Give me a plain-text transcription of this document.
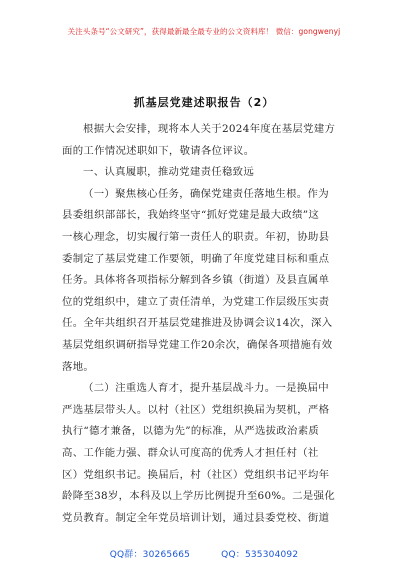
关注头条号“公文研究”，获得最新最全最专业的公文资料库！ 微信：gongwenyj
抓基层党建述职报告（2）
根据大会安排，现将本人关于2024年度在基层党建方
面的工作情况述职如下，敬请各位评议。
一、认真履职，推动党建责任稳致远
（一）聚焦核心任务，确保党建责任落地生根。作为
县委组织部部长，我始终坚守“抓好党建是最大政绩”这
一核心理念，切实履行第一责任人的职责。年初，协助县
委制定了基层党建工作要领，明确了年度党建目标和重点
任务。具体将各项指标分解到各乡镇（街道）及县直属单
位的党组织中，建立了责任清单，为党建工作层级压实责
任。全年共组织召开基层党建推进及协调会议14次，深入
基层党组织调研指导党建工作20余次，确保各项措施有效
落地。
（二）注重选人育才，提升基层战斗力。一是换届中
严选基层带头人。以村（社区）党组织换届为契机，严格
执行“德才兼备，以德为先”的标准，从严选拔政治素质
高、工作能力强、群众认可度高的优秀人才担任村（社
区）党组织书记。换届后，村（社区）党组织书记平均年
龄降至38岁，本科及以上学历比例提升至60%。二是强化
党员教育。制定全年党员培训计划，通过县委党校、街道
QQ群：30265665	QQ：535304092
